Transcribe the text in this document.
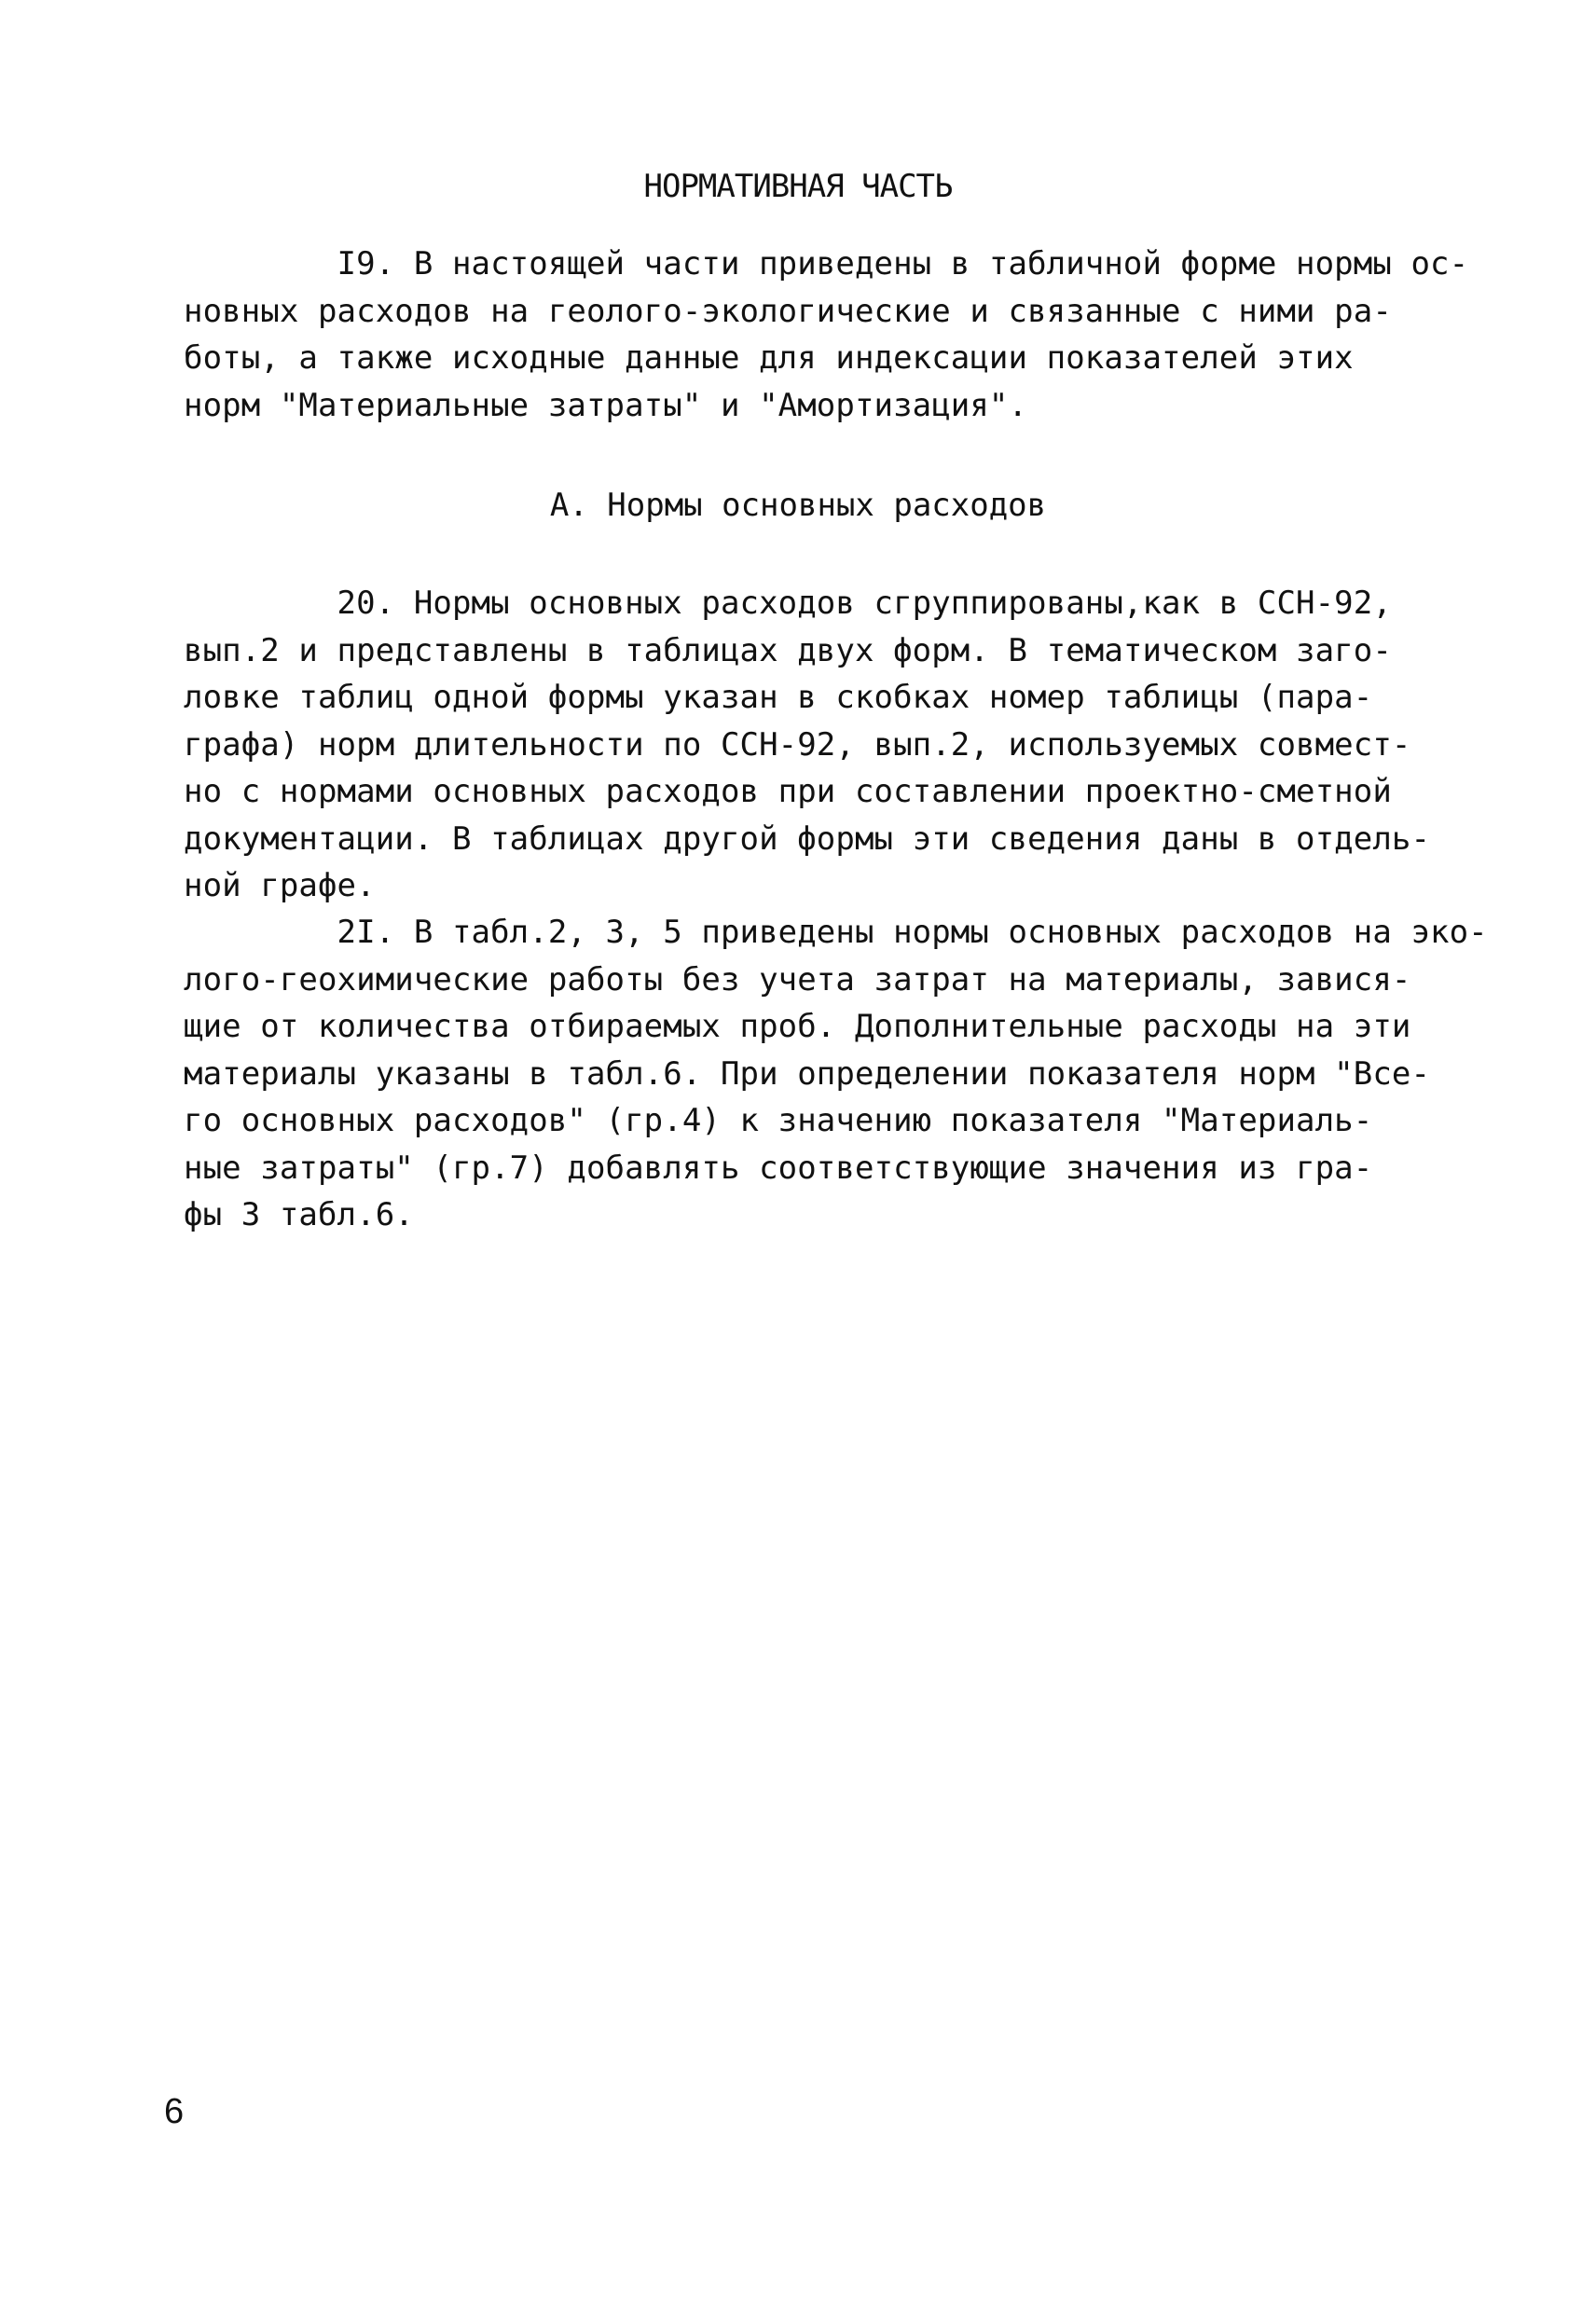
НОРМАТИВНАЯ ЧАСТЬ
I9. В настоящей части приведены в табличной форме нормы ос-
новных расходов на геолого-экологические и связанные с ними ра-
боты, а также исходные данные для индексации показателей этих
норм "Материальные затраты" и "Амортизация".
А. Нормы основных расходов
20. Нормы основных расходов сгруппированы,как в ССН-92,
вып.2 и представлены в таблицах двух форм. В тематическом заго-
ловке таблиц одной формы указан в скобках номер таблицы (пара-
графа) норм длительности по ССН-92, вып.2, используемых совмест-
но с нормами основных расходов при составлении проектно-сметной
документации. В таблицах другой формы эти сведения даны в отдель-
ной графе.
2I. В табл.2, 3, 5 приведены нормы основных расходов на эко-
лого-геохимические работы без учета затрат на материалы, завися-
щие от количества отбираемых проб. Дополнительные расходы на эти
материалы указаны в табл.6. При определении показателя норм "Все-
го основных расходов" (гр.4) к значению показателя "Материаль-
ные затраты" (гр.7) добавлять соответствующие значения из гра-
фы 3 табл.6.
6
